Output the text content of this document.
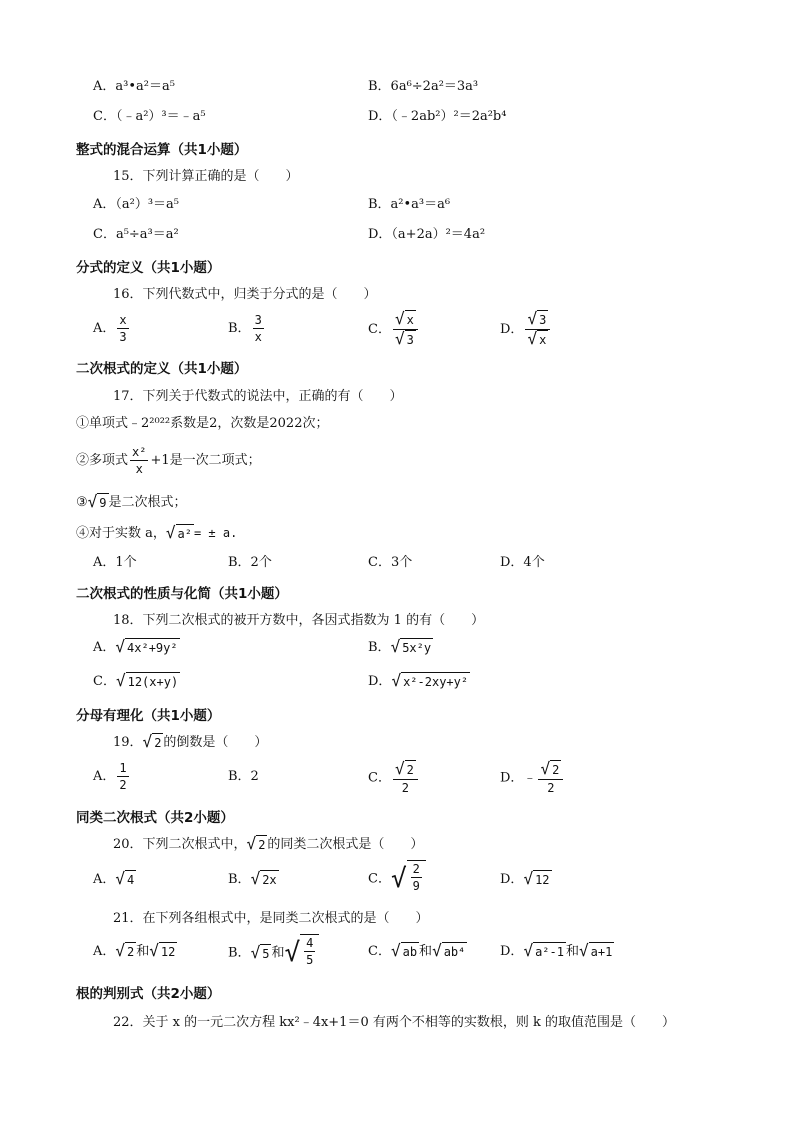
A．a³•a²＝a⁵	B．6a⁶÷2a²＝3a³
C．（﹣a²）³＝﹣a⁵	D．（﹣2ab²）²＝2a²b⁴
整式的混合运算（共1小题）
15．下列计算正确的是（　　）
A．（a²）³＝a⁵	B．a²•a³＝a⁶
C．a⁵÷a³＝a²	D．（a+2a）²＝4a²
分式的定义（共1小题）
16．下列代数式中，归类于分式的是（　　）
A． $\frac{x}{3}$	B． $\frac{3}{x}$	C． $\frac{√ x}{√ 3}$	D． $\frac{√ 3}{√ x}$
二次根式的定义（共1小题）
17．下列关于代数式的说法中，正确的有（　　）
①单项式﹣2²⁰²²系数是2，次数是2022次；
②多项式 $\frac{\text{x²}}{x} +1$是一次二项式；
③ √ 9 是二次根式；
④对于实数 a， √ a² = ± a.
A．1个	B．2个	C．3个	D．4个
二次根式的性质与化简（共1小题）
18．下列二次根式的被开方数中，各因式指数为 1 的有（　　）
A． √ 4x²+9y²	B． √ 5x²y
C． √ 12(x+y)	D． √ x²-2xy+y²
分母有理化（共1小题）
19． √ 2 的倒数是（　　）
A． $\frac{1}{2}$	B．2	C． $\frac{√ 2}{2}$	D．﹣ $\frac{√ 2}{2}$
同类二次根式（共2小题）
20．下列二次根式中， √ 2 的同类二次根式是（　　）
A． √ 4	B． √ 2x	C． √ $\frac{2}{9}$	D． √ 12
21．在下列各组根式中，是同类二次根式的是（　　）
A． √ 2 和 √ 12	B． √ 5 和 √ $\frac{4}{5}$	C． √ ab 和 √ ab⁴	D． √ a²-1 和 √ a+1
根的判别式（共2小题）
22．关于 x 的一元二次方程 kx²﹣4x+1＝0 有两个不相等的实数根，则 k 的取值范围是（　　）
